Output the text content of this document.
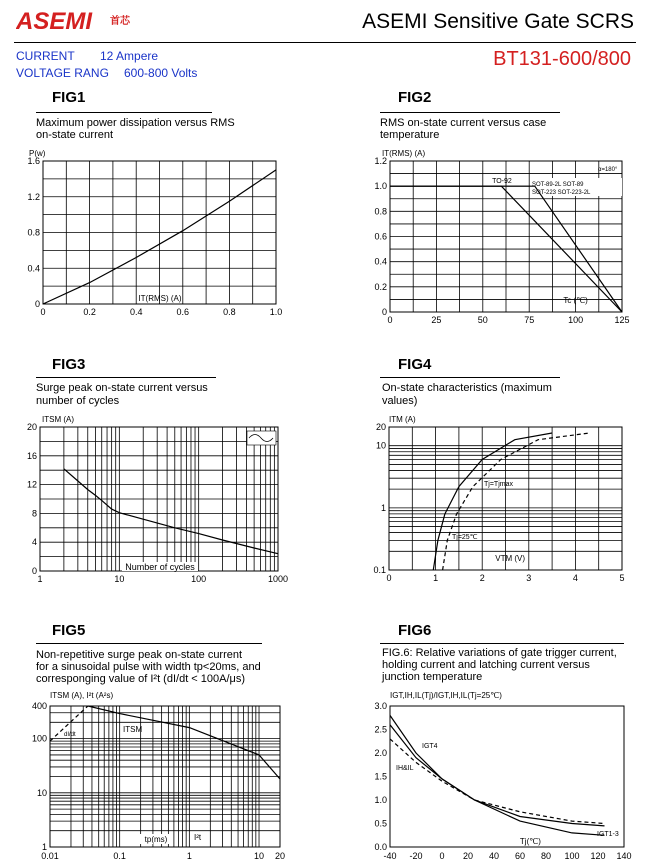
ASEMI 首芯	ASEMI Sensitive Gate SCRS
CURRENT 12 Ampere
VOLTAGE RANG 600-800 Volts
BT131-600/800
FIG1
Maximum power dissipation versus RMS
on-state current
FIG2
RMS on-state current versus case
temperature
FIG3
Surge peak on-state current versus
number of cycles
FIG4
On-state characteristics (maximum
values)
FIG5
Non-repetitive surge peak on-state current
for a sinusoidal pulse with width tp<20ms, and
corresponging value of I²t (dI/dt < 100A/μs)
FIG6
FIG.6: Relative variations of gate trigger current,
holding current and latching current versus
junction temperature
0	0.2	0.4	0.6	0.8	1.0
0
0.4
0.8
1.2
1.6
P(w)
IT(RMS) (A)
0	25	50	75	100	125
0
0.2
0.4
0.6
0.8
1.0
1.2
IT(RMS) (A)
Tc (℃)
TO-92	SOT-89-2L SOT-89
SOT-223 SOT-223-2L
α=180°
1	10	100	1000
0
4
8
12
16
20
ITSM (A)
Number of cycles
0	1	2	3	4	5
0.1
1
10
20
ITM (A)
VTM (V)
Tj=Tjmax
Tj=25℃
0.01	0.1	1	10 20
1
10
100
400
ITSM (A), I²t (A²s)
tp(ms)
dI/dt
ITSM
I²t
-40 -20 0 20 40 60 80 100 120 140
0.0
0.5
1.0
1.5
2.0
2.5
3.0
IGT,IH,IL(Tj)/IGT,IH,IL(Tj=25℃)
Tj(℃)
IGT4
IH&IL
IGT1-3
